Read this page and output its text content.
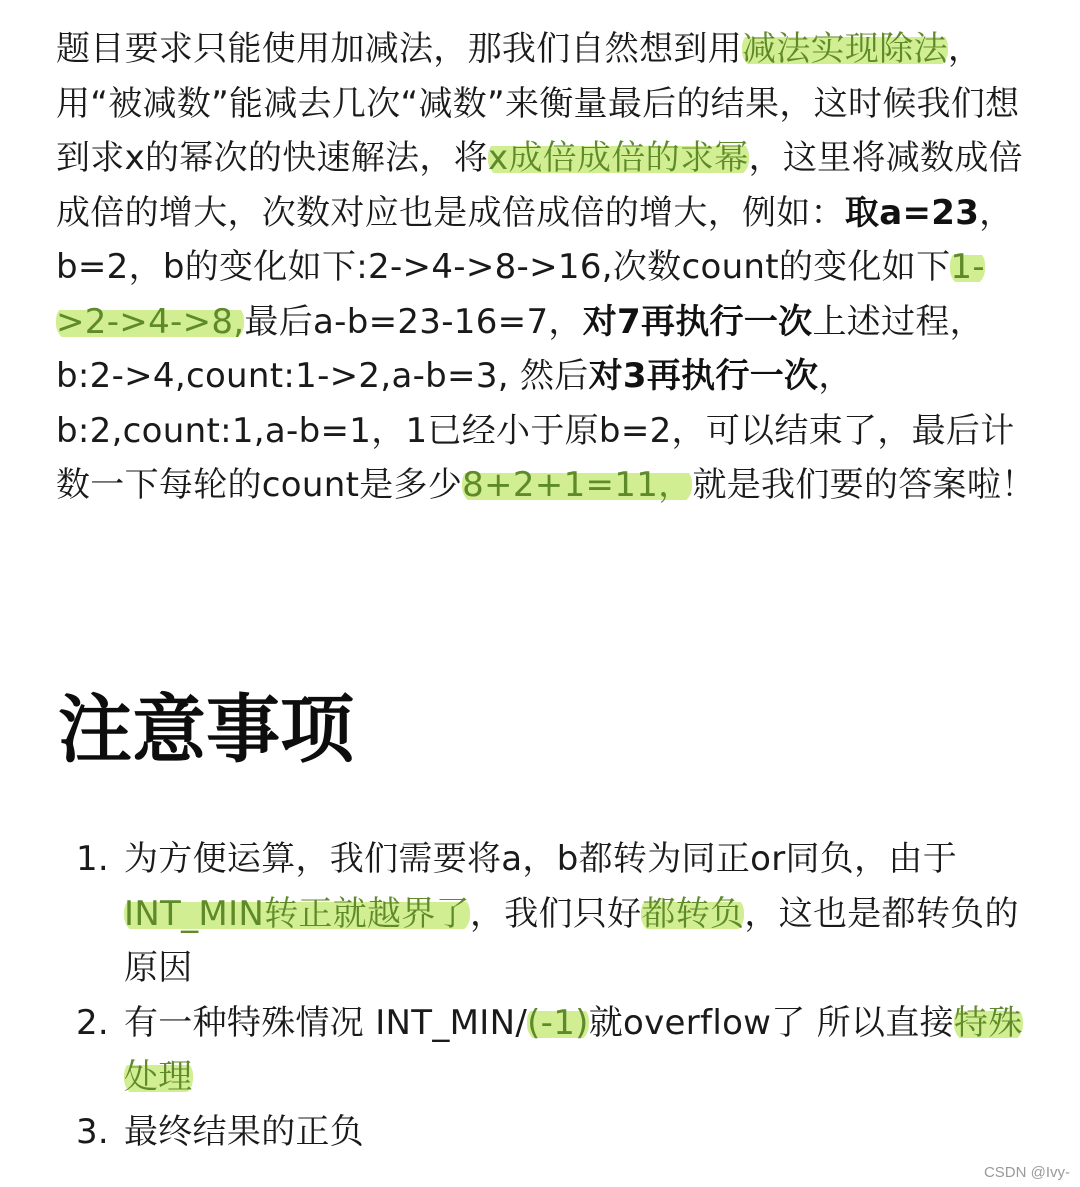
题目要求只能使用加减法，那我们自然想到用减法实现除法，用“被减数”能减去几次“减数”来衡量最后的结果，这时候我们想到求x的幂次的快速解法，将x成倍成倍的求幂，这里将减数成倍成倍的增大，次数对应也是成倍成倍的增大，例如：取a=23，b=2，b的变化如下:2->4->8->16,次数count的变化如下1->2->4->8,最后a-b=23-16=7，对7再执行一次上述过程，b:2->4,count:1->2,a-b=3, 然后对3再执行一次，b:2,count:1,a-b=1，1已经小于原b=2，可以结束了，最后计数一下每轮的count是多少8+2+1=11，就是我们要的答案啦！
注意事项
1. 为方便运算，我们需要将a，b都转为同正or同负，由于INT_MIN转正就越界了，我们只好都转负，这也是都转负的原因
2. 有一种特殊情况 INT_MIN/(-1)就overflow了 所以直接特殊处理
3. 最终结果的正负
CSDN @Ivy-
